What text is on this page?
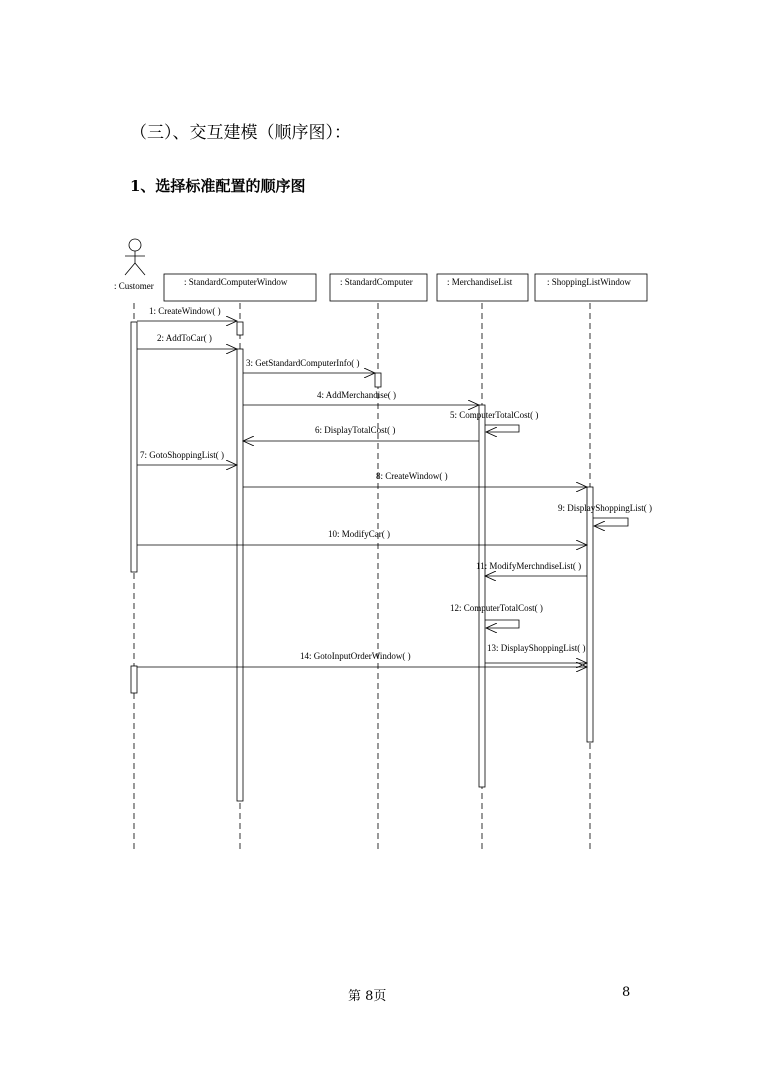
（三）、交互建模（顺序图）：
1、选择标准配置的顺序图
: Customer	: StandardComputerWindow	: StandardComputer	: MerchandiseList	: ShoppingListWindow
1: CreateWindow( )
2: AddToCar( )
3: GetStandardComputerInfo( )
4: AddMerchandise( )
5: ComputerTotalCost( )
6: DisplayTotalCost( )
7: GotoShoppingList( )
8: CreateWindow( )
9: DisplayShoppingList( )
10: ModifyCar( )
11: ModifyMerchndiseList( )
12: ComputerTotalCost( )
13: DisplayShoppingList( )
14: GotoInputOrderWindow( )
第 8页	8
